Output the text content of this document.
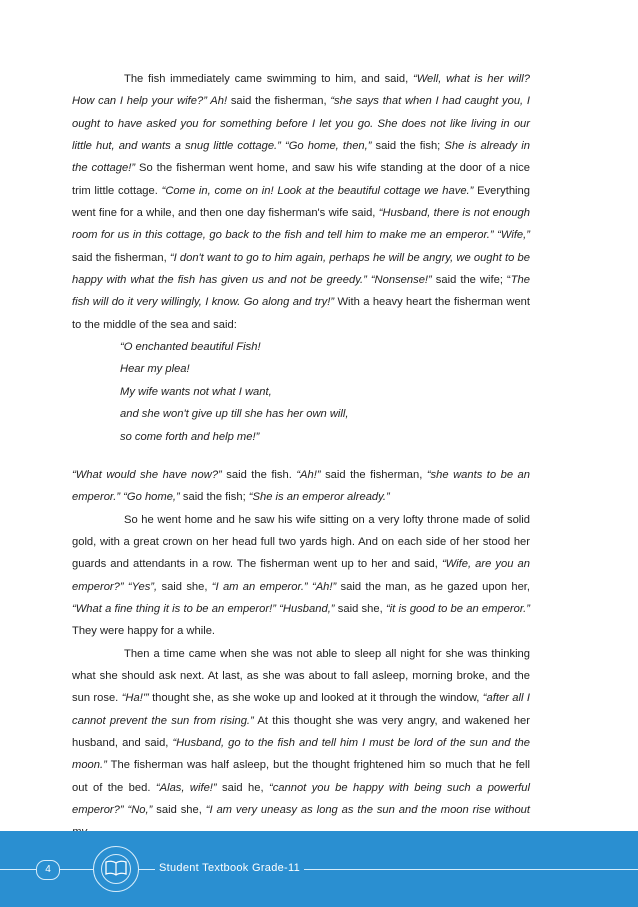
The fish immediately came swimming to him, and said, “Well, what is her will? How can I help your wife?” Ah! said the fisherman, “she says that when I had caught you, I ought to have asked you for something before I let you go. She does not like living in our little hut, and wants a snug little cottage.” “Go home, then,” said the fish; She is already in the cottage!” So the fisherman went home, and saw his wife standing at the door of a nice trim little cottage. “Come in, come on in! Look at the beautiful cottage we have.” Everything went fine for a while, and then one day fisherman's wife said, “Husband, there is not enough room for us in this cottage, go back to the fish and tell him to make me an emperor.” “Wife,” said the fisherman, “I don't want to go to him again, perhaps he will be angry, we ought to be happy with what the fish has given us and not be greedy.” “Nonsense!” said the wife; “The fish will do it very willingly, I know. Go along and try!” With a heavy heart the fisherman went to the middle of the sea and said:

“O enchanted beautiful Fish!

Hear my plea!

My wife wants not what I want,

and she won't give up till she has her own will,

so come forth and help me!”

“What would she have now?” said the fish. “Ah!” said the fisherman, “she wants to be an emperor.” “Go home,” said the fish; “She is an emperor already.”

So he went home and he saw his wife sitting on a very lofty throne made of solid gold, with a great crown on her head full two yards high. And on each side of her stood her guards and attendants in a row. The fisherman went up to her and said, “Wife, are you an emperor?” “Yes”, said she, “I am an emperor.” “Ah!” said the man, as he gazed upon her, “What a fine thing it is to be an emperor!” “Husband,” said she, “it is good to be an emperor.” They were happy for a while.

Then a time came when she was not able to sleep all night for she was thinking what she should ask next. At last, as she was about to fall asleep, morning broke, and the sun rose. “Ha!'” thought she, as she woke up and looked at it through the window, “after all I cannot prevent the sun from rising.” At this thought she was very angry, and wakened her husband, and said, “Husband, go to the fish and tell him I must be lord of the sun and the moon.” The fisherman was half asleep, but the thought frightened him so much that he fell out of the bed. “Alas, wife!” said he, “cannot you be happy with being such a powerful emperor?” “No,” said she, “I am very uneasy as long as the sun and the moon rise without

4	Student Textbook Grade-11
